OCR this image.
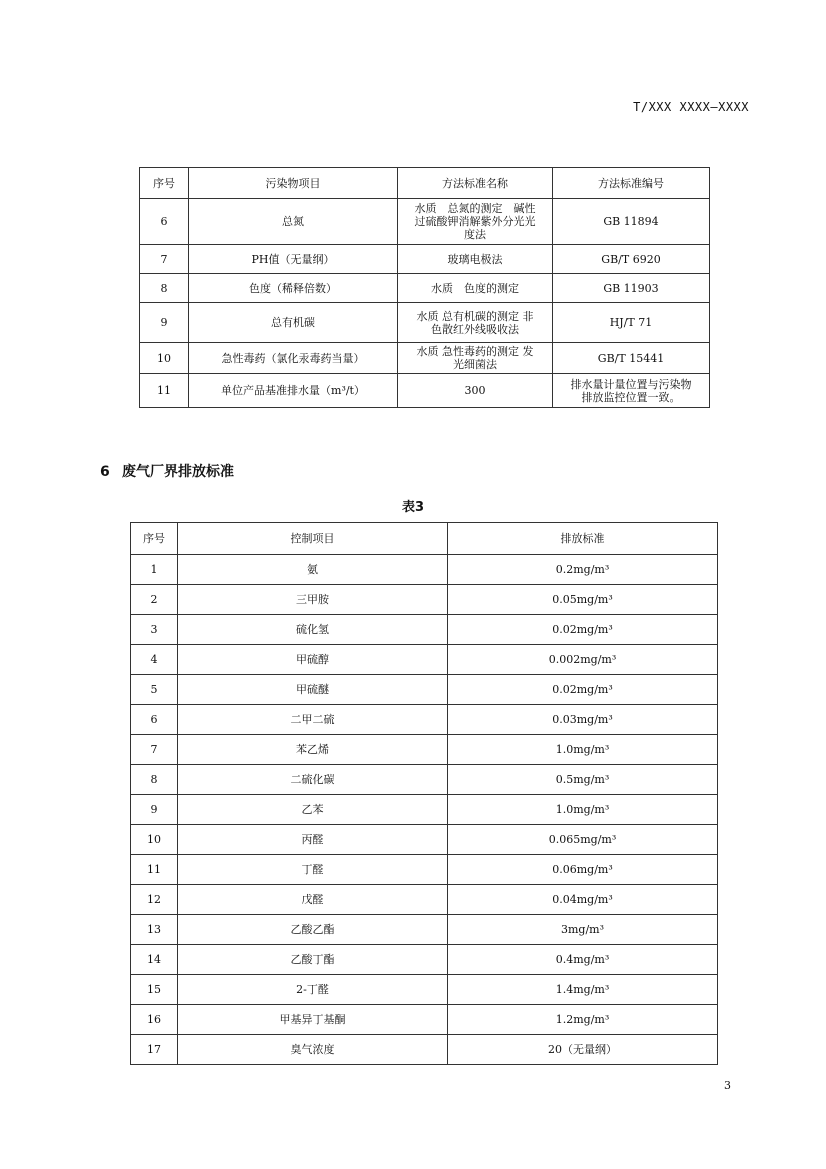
T/XXX XXXX—XXXX
序号	污染物项目	方法标准名称	方法标准编号
6	总氮	水质　总氮的测定　碱性
过硫酸钾消解紫外分光光
度法	GB 11894
7	PH值（无量纲）	玻璃电极法	GB/T 6920
8	色度（稀释倍数）	水质　色度的测定	GB 11903
9	总有机碳	水质 总有机碳的测定 非
色散红外线吸收法	HJ/T 71
10	急性毒药（氯化汞毒药当量）	水质 急性毒药的测定 发
光细菌法	GB/T 15441
11	单位产品基准排水量（m³/t）	300	排水量计量位置与污染物
排放监控位置一致。
6 废气厂界排放标准
表3
序号	控制项目	排放标准
1	氨	0.2mg/m³
2	三甲胺	0.05mg/m³
3	硫化氢	0.02mg/m³
4	甲硫醇	0.002mg/m³
5	甲硫醚	0.02mg/m³
6	二甲二硫	0.03mg/m³
7	苯乙烯	1.0mg/m³
8	二硫化碳	0.5mg/m³
9	乙苯	1.0mg/m³
10	丙醛	0.065mg/m³
11	丁醛	0.06mg/m³
12	戊醛	0.04mg/m³
13	乙酸乙酯	3mg/m³
14	乙酸丁酯	0.4mg/m³
15	2-丁醛	1.4mg/m³
16	甲基异丁基酮	1.2mg/m³
17	臭气浓度	20（无量纲）
3
